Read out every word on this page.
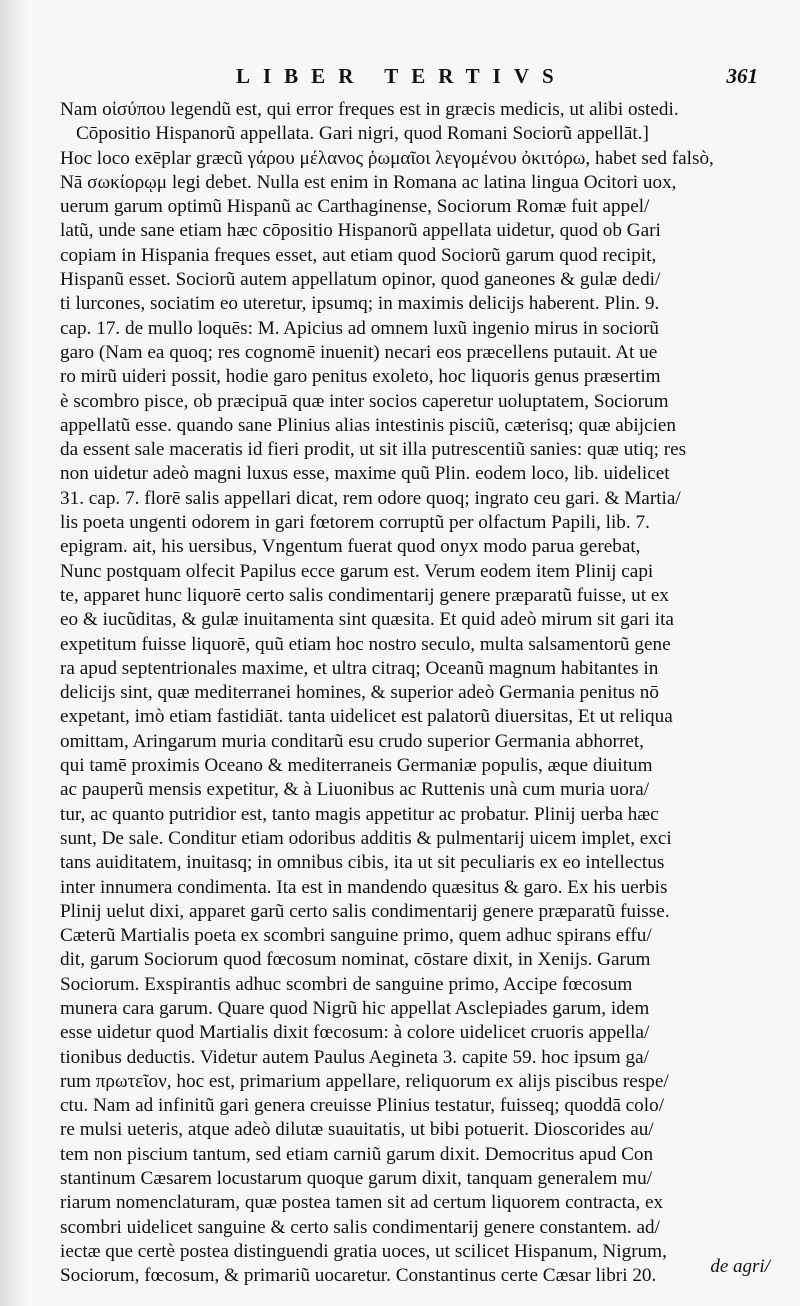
LIBER TERTIVS	361
Nam οἰσύπου legendũ est, qui error freques est in græcis medicis, ut alibi ostedi.
Cōpositio Hispanorũ appellata. Gari nigri, quod Romani Sociorũ appellāt.]
Hoc loco exēplar græcũ γάρου μέλανος ῥωμαῖοι λεγομένου ὀκιτόρω, habet sed falsò,
Nā σωκίορῳμ legi debet. Nulla est enim in Romana ac latina lingua Ocitori uox,
uerum garum optimũ Hispanũ ac Carthaginense, Sociorum Romæ fuit appel/
latũ, unde sane etiam hæc cōpositio Hispanorũ appellata uidetur, quod ob Gari
copiam in Hispania freques esset, aut etiam quod Sociorũ garum quod recipit,
Hispanũ esset. Sociorũ autem appellatum opinor, quod ganeones & gulæ dedi/
ti lurcones, sociatim eo uteretur, ipsumq; in maximis delicijs haberent. Plin. 9.
cap. 17. de mullo loquēs: M. Apicius ad omnem luxũ ingenio mirus in sociorũ
garo (Nam ea quoq; res cognomē inuenit) necari eos præcellens putauit. At ue
ro mirũ uideri possit, hodie garo penitus exoleto, hoc liquoris genus præsertim
è scombro pisce, ob præcipuā quæ inter socios caperetur uoluptatem, Sociorum
appellatũ esse. quando sane Plinius alias intestinis pisciũ, cæterisq; quæ abijcien
da essent sale maceratis id fieri prodit, ut sit illa putrescentiũ sanies: quæ utiq; res
non uidetur adeò magni luxus esse, maxime quũ Plin. eodem loco, lib. uidelicet
31. cap. 7. florē salis appellari dicat, rem odore quoq; ingrato ceu gari. & Martia/
lis poeta ungenti odorem in gari fœtorem corruptũ per olfactum Papili, lib. 7.
epigram. ait, his uersibus, Vngentum fuerat quod onyx modo parua gerebat,
Nunc postquam olfecit Papilus ecce garum est. Verum eodem item Plinij capi
te, apparet hunc liquorē certo salis condimentarij genere præparatũ fuisse, ut ex
eo & iucũditas, & gulæ inuitamenta sint quæsita. Et quid adeò mirum sit gari ita
expetitum fuisse liquorē, quũ etiam hoc nostro seculo, multa salsamentorũ gene
ra apud septentrionales maxime, et ultra citraq; Oceanũ magnum habitantes in
delicijs sint, quæ mediterranei homines, & superior adeò Germania penitus nō
expetant, imò etiam fastidiāt. tanta uidelicet est palatorũ diuersitas, Et ut reliqua
omittam, Aringarum muria conditarũ esu crudo superior Germania abhorret,
qui tamē proximis Oceano & mediterraneis Germaniæ populis, æque diuitum
ac pauperũ mensis expetitur, & à Liuonibus ac Ruttenis unà cum muria uora/
tur, ac quanto putridior est, tanto magis appetitur ac probatur. Plinij uerba hæc
sunt, De sale. Conditur etiam odoribus additis & pulmentarij uicem implet, exci
tans auiditatem, inuitasq; in omnibus cibis, ita ut sit peculiaris ex eo intellectus
inter innumera condimenta. Ita est in mandendo quæsitus & garo. Ex his uerbis
Plinij uelut dixi, apparet garũ certo salis condimentarij genere præparatũ fuisse.
Cæterũ Martialis poeta ex scombri sanguine primo, quem adhuc spirans effu/
dit, garum Sociorum quod fœcosum nominat, cōstare dixit, in Xenijs. Garum
Sociorum. Exspirantis adhuc scombri de sanguine primo, Accipe fœcosum
munera cara garum. Quare quod Nigrũ hic appellat Asclepiades garum, idem
esse uidetur quod Martialis dixit fœcosum: à colore uidelicet cruoris appella/
tionibus deductis. Videtur autem Paulus Aegineta 3. capite 59. hoc ipsum ga/
rum πρωτεῖον, hoc est, primarium appellare, reliquorum ex alijs piscibus respe/
ctu. Nam ad infinitũ gari genera creuisse Plinius testatur, fuisseq; quoddā colo/
re mulsi ueteris, atque adeò dilutæ suauitatis, ut bibi potuerit. Dioscorides au/
tem non piscium tantum, sed etiam carniũ garum dixit. Democritus apud Con
stantinum Cæsarem locustarum quoque garum dixit, tanquam generalem mu/
riarum nomenclaturam, quæ postea tamen sit ad certum liquorem contracta, ex
scombri uidelicet sanguine & certo salis condimentarij genere constantem. ad/
iectæ que certè postea distinguendi gratia uoces, ut scilicet Hispanum, Nigrum,
Sociorum, fœcosum, & primariũ uocaretur. Constantinus certe Cæsar libri 20.	de agri/
